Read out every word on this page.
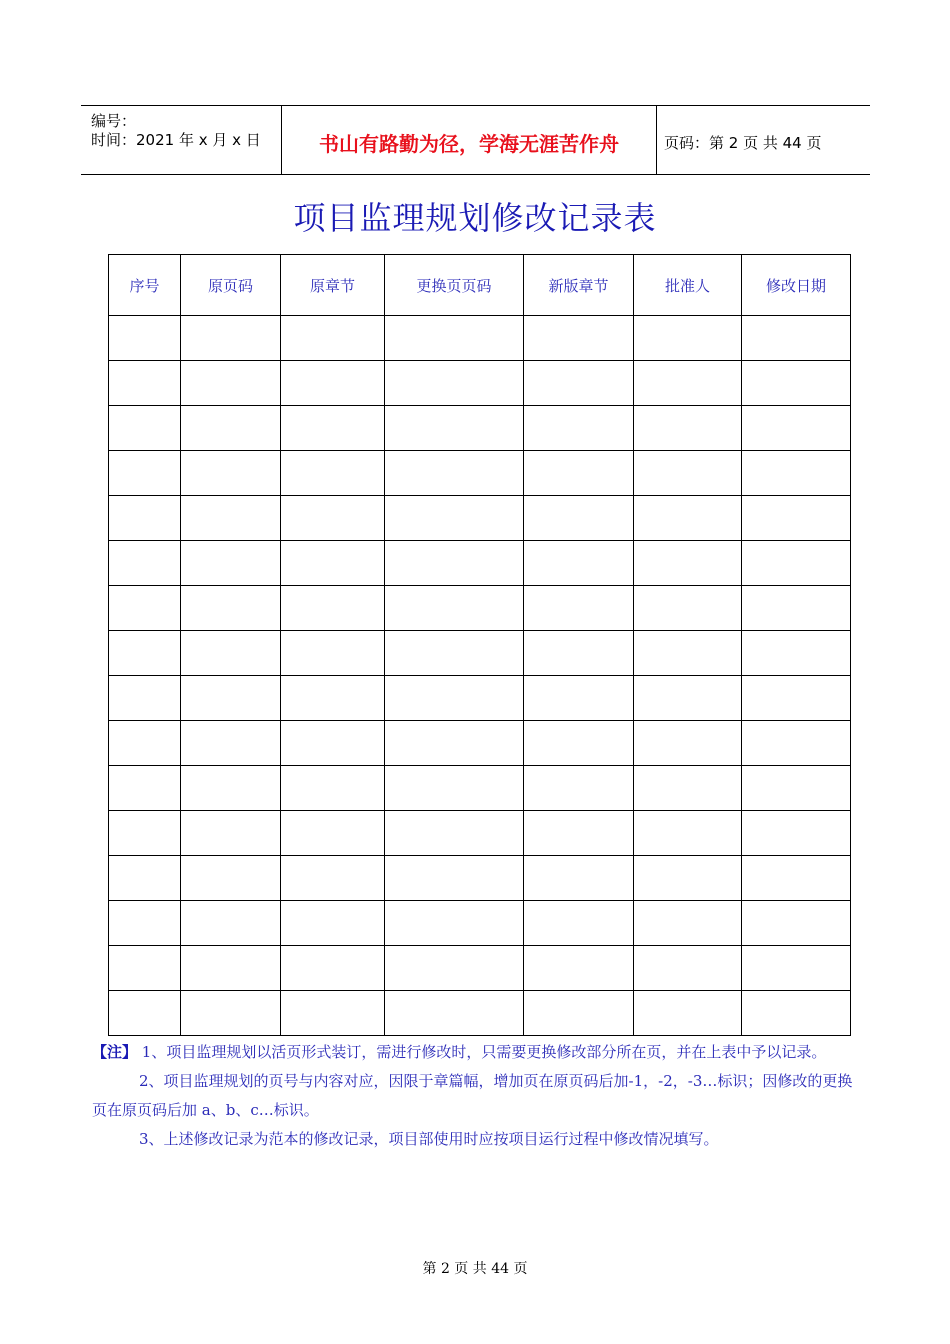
编号：
时间：2021 年 x 月 x 日	书山有路勤为径，学海无涯苦作舟	页码：第 2 页 共 44 页
项目监理规划修改记录表
序号	原页码	原章节	更换页页码	新版章节	批准人	修改日期

【注】 1、项目监理规划以活页形式装订，需进行修改时，只需要更换修改部分所在页，并在上表中予以记录。

2、项目监理规划的页号与内容对应，因限于章篇幅，增加页在原页码后加-1，-2，-3…标识；因修改的更换页在原页码后加 a、b、c…标识。

3、上述修改记录为范本的修改记录，项目部使用时应按项目运行过程中修改情况填写。

第 2 页 共 44 页
